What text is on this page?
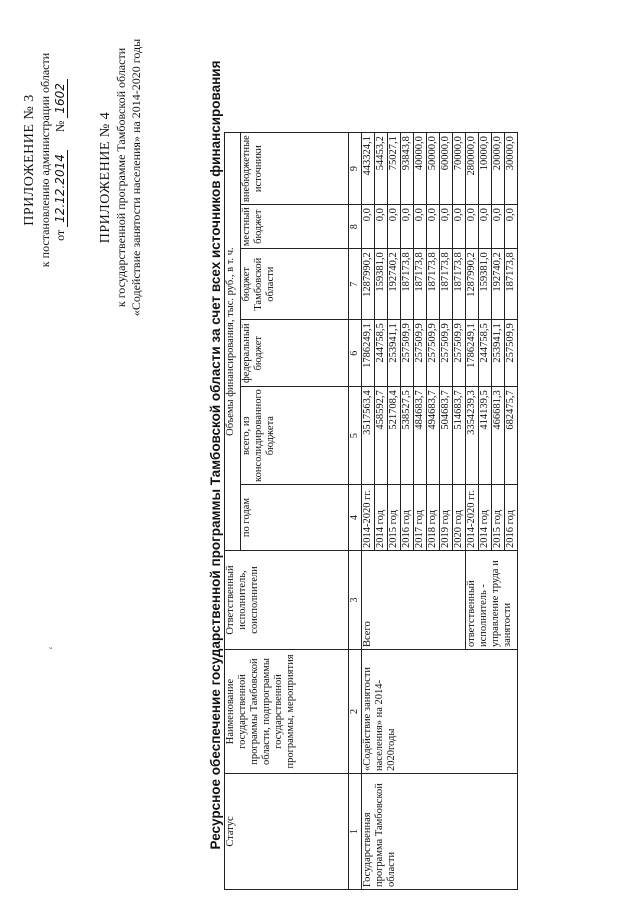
‘
ПРИЛОЖЕНИЕ № 3 к постановлению администрации области от 12.12.2014      № 1602
ПРИЛОЖЕНИЕ № 4 к государственной программе Тамбовской области «Содействие занятости населения» на 2014-2020 годы	Ресурсное обеспечение государственной программы Тамбовской области за счет всех источников финансирования Статус	Наименование государственной программы Тамбовской области, подпрограммы государственной программы, мероприятия	Ответственный исполнитель, соисполнители	Объемы финансирования, тыс. руб., в т. ч.					
			по годам	всего, из консолидированного бюджета	федеральный бюджет	бюджет Тамбовской области	местный бюджет	внебюджетные источники
1	2	3	4	5	6	7	8	9
Государственная программа Тамбовской области	«Содействие занятости населения» на 2014-2020годы	Всего	2014-2020 гг.	3517563,4	1786249,1	1287990,2	0,0	443324,1
			2014 год	458592,7	244758,5	159381,0	0,0	54453,2
			2015 год	521708,4	253941,1	192740,2	0,0	75027,1
			2016 год	538527,5	257509,9	187173,8	0,0	93843,8
			2017 год	484683,7	257509,9	187173,8	0,0	40000,0
			2018 год	494683,7	257509,9	187173,8	0,0	50000,0
			2019 год	504683,7	257509,9	187173,8	0,0	60000,0
			2020 год	514683,7	257509,9	187173,8	0,0	70000,0
		ответственный исполнитель - управление труда и занятости	2014-2020 гг.	3354239,3	1786249,1	1287990,2	0,0	280000,0
			2014 год	414139,5	244758,5	159381,0	0,0	10000,0
			2015 год	466681,3	253941,1	192740,2	0,0	20000,0
			2016 год	682475,7	257509,9	187173,8	0,0	30000,0
